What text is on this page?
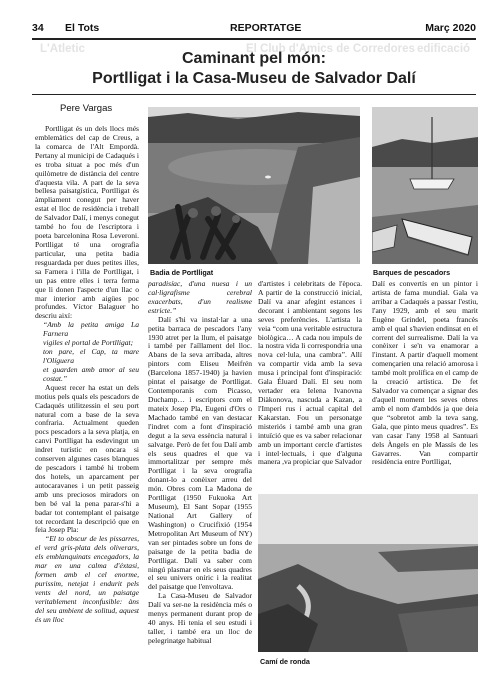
34 El Tots	REPORTATGE	Març 2020
L'Atletic	El Club d'Amics de Corredores edificació
Caminant pel món:
Portlligat i la Casa-Museu de Salvador Dalí
Pere Vargas
Badia de Portlligat	Barques de pescadors
Camí de ronda

Portlligat és un dels llocs més emblemàtics del cap de Creus, a la comarca de l'Alt Empordà. Pertany al municipi de Cadaqués i es troba situat a poc més d'un quilòmetre de distància del centre d'aquesta vila. A part de la seva bellesa paisatgística, Portlligat és àmpliament conegut per haver estat el lloc de residència i treball de Salvador Dalí, i menys conegut també ho fou de l'escriptora i poeta barcelonina Rosa Leveroni. Portlligat té una orografia particular, una petita badia resguardada per dues petites illes, sa Farnera i l'illa de Portlligat, i un pas entre elles i terra ferma que li donen l'aspecte d'un llac o mar interior amb aigües poc profundes. Víctor Balaguer ho descriu així:

“Amb la petita amiga La Farnera

vigiles el portal de Portlligat;

ton pare, el Cap, ta mare l'Olíguera

et guarden amb amor al seu costat.”

Aquest recer ha estat un dels motius pels quals els pescadors de Cadaqués utilitzessin el seu port natural com a base de la seva confraria. Actualment queden pocs pescadors a la seva platja, en canvi Portlligat ha esdevingut un indret turístic en oncara si conserven algunes cases blanques de pescadors i també hi trobem dos hotels, un aparcament per autocaravanes i un petit passeig amb uns preciosos miradors on ben bé val la pena parar-s'hi a badar tot contemplant el paisatge tot recordant la descripció que en feia Josep Pla:

“El to obscur de les pissarres, el verd gris-plata dels oliverars, els emblanquinats encegadors, la mar en una calma d'éxtasi, formen amb el cel enorme, purissim, netejat i endurit pels vents del nord, un paisatge veritablement inconfusible: àns del seu ambient de solitud, aquest és un lloc

paradisíac, d'una nuesa i un cal·ligrafisme cerebral exacerbats, d'un realisme estricte.”

Dalí s'hi va instal·lar a una petita barraca de pescadors l'any 1930 atret per la llum, el paisatge i també per l'aïllament del lloc. Abans de la seva arribada, altres pintors com Eliseu Meifrén (Barcelona 1857-1940) ja havien pintat el paisatge de Portlligat. Contemporanis com Picasso, Duchamp… i escriptors com el mateix Josep Pla, Eugeni d'Ors o Machado també en van destacar l'indret com a font d'inspiració degut a la seva essència natural i salvatge. Però de fet fou Dalí amb els seus quadres el que va immortalitzar per sempre més Portlligat i la seva orografia donant-lo a conèixer arreu del món. Obres com La Madona de Portlligat (1950 Fukuoka Art Museum), El Sant Sopar (1955 National Art Gallery of Washington) o Crucifixió (1954 Metropolitan Art Museum of NY) van ser pintades sobre un fons de paisatge de la petita badia de Portlligat. Dalí va saber com ningú plasmar en els seus quadres el seu univers oníric i la realitat del paisatge que l'envoltava.

La Casa-Museu de Salvador Dalí va ser-ne la residència més o menys permanent durant prop de 40 anys. Hi tenia el seu estudi i taller, i també era un lloc de pelegrinatge habitual

d'artistes i celebritats de l'època. A partir de la construcció inicial, Dalí va anar afegint estances i decorant i ambientant segons les seves preferències. L'artista la veia “com una veritable estructura biològica… A cada nou impuls de la nostra vida li correspondria una nova cel·lula, una cambra”. Allí va compartir vida amb la seva musa i principal font d'inspiració: Gala Éluard Dalí. El seu nom vertader era Ielena Ivanovna Diàkonova, nascuda a Kazan, a l'Imperi rus i actual capital del Kakarstan. Fou un personatge misteriós i també amb una gran intuïció que es va saber relacionar amb un important cercle d'artistes i intel·lectuals, i que d'alguna manera ,va propiciar que Salvador

Dalí es convertís en un pintor i artista de fama mundial. Gala va arribar a Cadaqués a passar l'estiu, l'any 1929, amb el seu marit Eugène Grindel, poeta francès amb el qual s'havien endinsat en el corrent del surrealisme. Dalí la va conèixer i se'n va enamorar a l'instant. A partir d'aquell moment començarien una relació amorosa i també molt prolífica en el camp de la creació artística. De fet Salvador va començar a signar des d'aquell moment les seves obres amb el nom d'ambdós ja que deia que “sobretot amb la teva sang, Gala, que pinto meus quadres”. Es van casar l'any 1958 al Santuari dels Àngels en ple Massís de les Gavarres. Van compartir residència entre Portlligat,
